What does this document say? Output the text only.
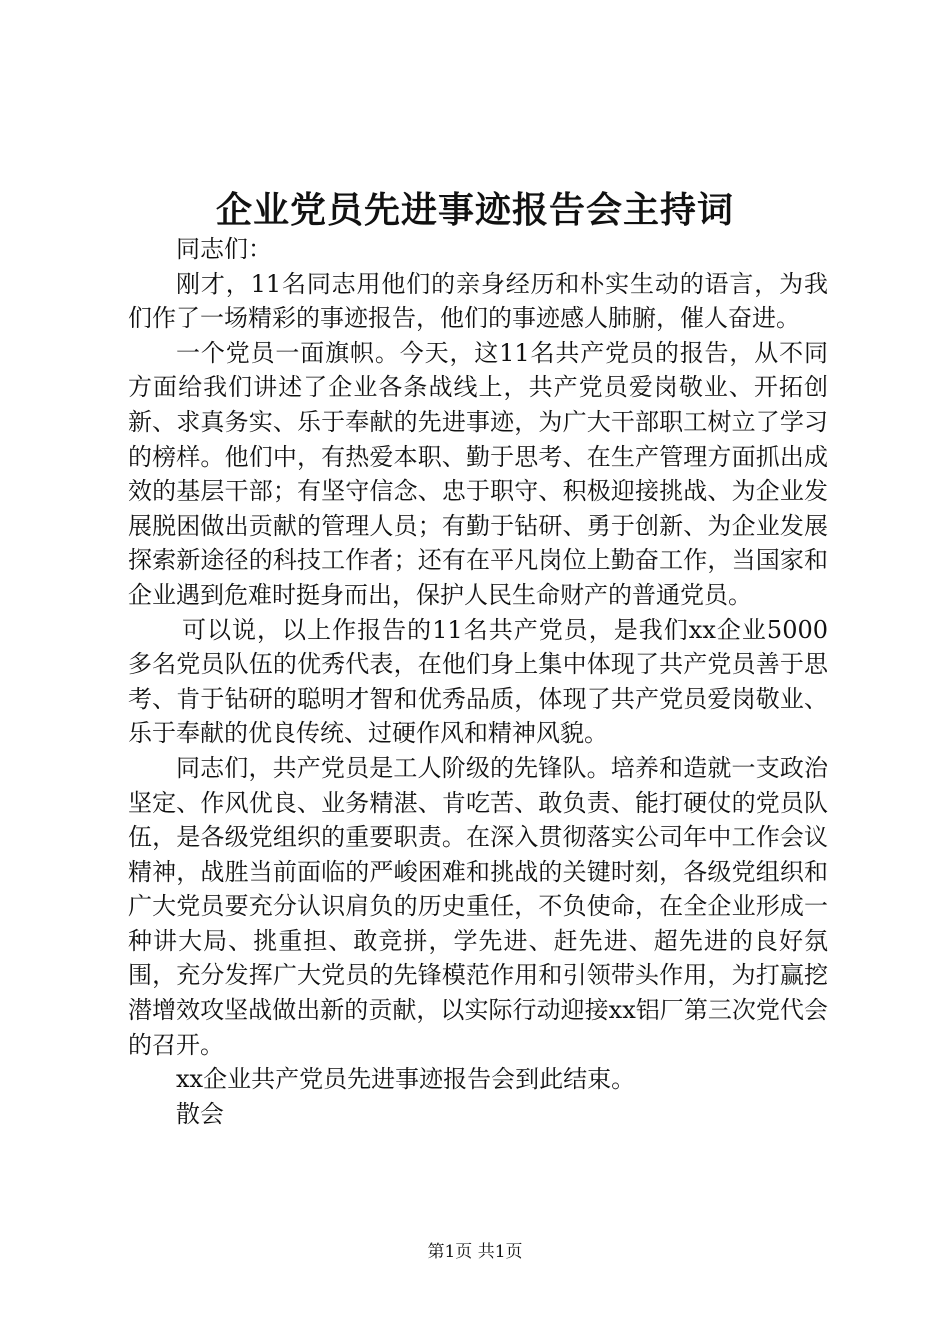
企业党员先进事迹报告会主持词

同志们：

刚才，11名同志用他们的亲身经历和朴实生动的语言，为我们作了一场精彩的事迹报告，他们的事迹感人肺腑，催人奋进。

一个党员一面旗帜。今天，这11名共产党员的报告，从不同方面给我们讲述了企业各条战线上，共产党员爱岗敬业、开拓创新、求真务实、乐于奉献的先进事迹，为广大干部职工树立了学习的榜样。他们中，有热爱本职、勤于思考、在生产管理方面抓出成效的基层干部；有坚守信念、忠于职守、积极迎接挑战、为企业发展脱困做出贡献的管理人员；有勤于钻研、勇于创新、为企业发展探索新途径的科技工作者；还有在平凡岗位上勤奋工作，当国家和企业遇到危难时挺身而出，保护人民生命财产的普通党员。

可以说，以上作报告的11名共产党员，是我们xx企业5000多名党员队伍的优秀代表，在他们身上集中体现了共产党员善于思考、肯于钻研的聪明才智和优秀品质，体现了共产党员爱岗敬业、乐于奉献的优良传统、过硬作风和精神风貌。

同志们，共产党员是工人阶级的先锋队。培养和造就一支政治坚定、作风优良、业务精湛、肯吃苦、敢负责、能打硬仗的党员队伍，是各级党组织的重要职责。在深入贯彻落实公司年中工作会议精神，战胜当前面临的严峻困难和挑战的关键时刻，各级党组织和广大党员要充分认识肩负的历史重任，不负使命，在全企业形成一种讲大局、挑重担、敢竞拼，学先进、赶先进、超先进的良好氛围，充分发挥广大党员的先锋模范作用和引领带头作用，为打赢挖潜增效攻坚战做出新的贡献，以实际行动迎接xx铝厂第三次党代会的召开。

xx企业共产党员先进事迹报告会到此结束。

散会

第1页 共1页
